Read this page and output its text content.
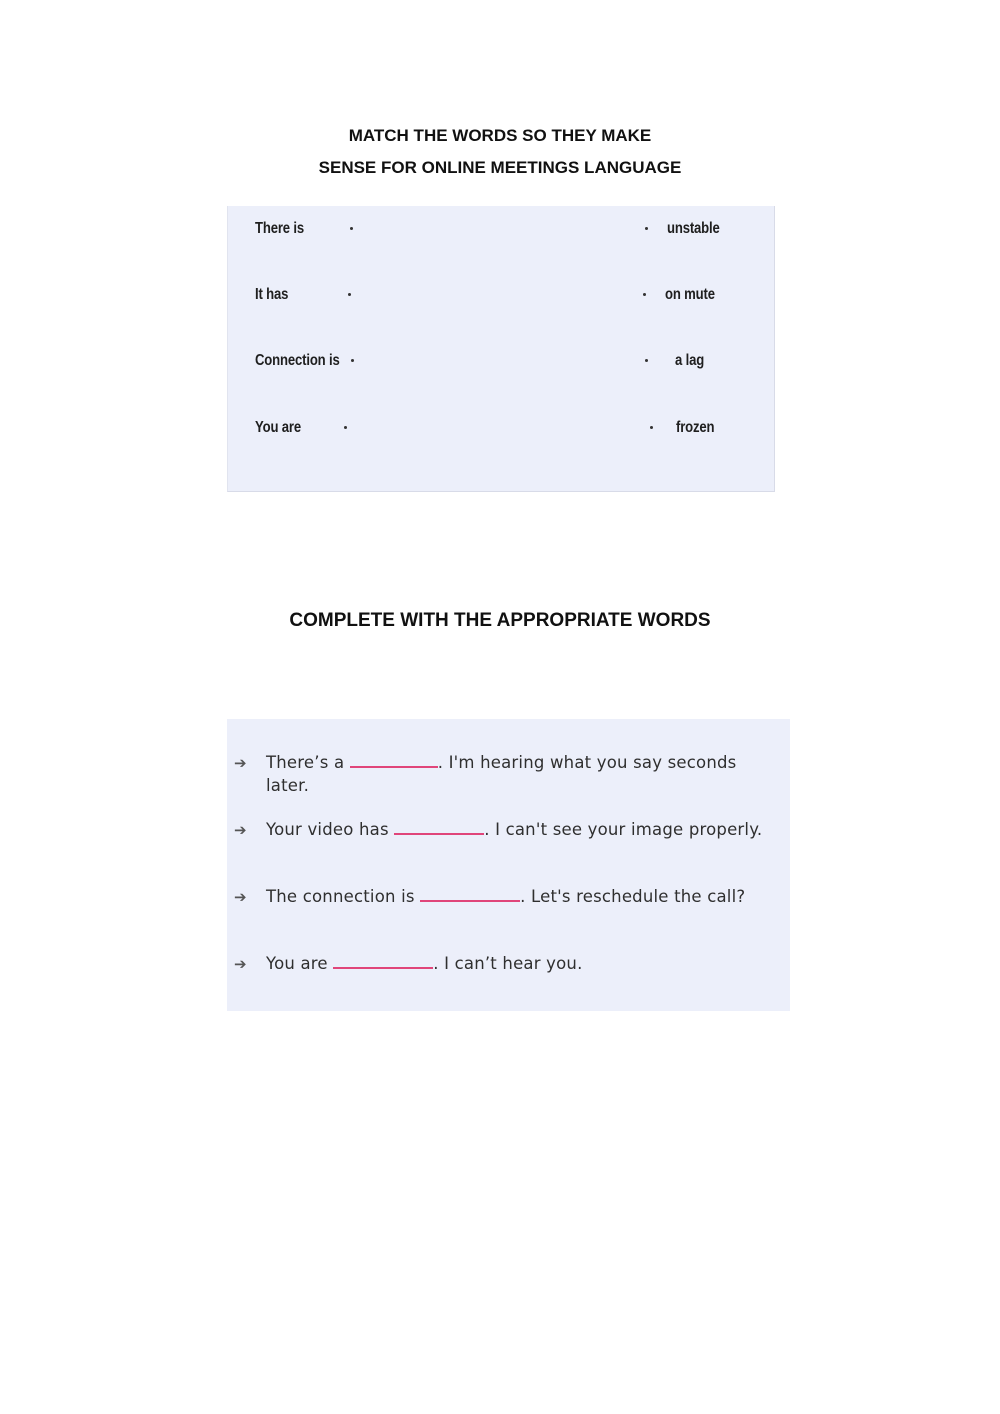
MATCH THE WORDS SO THEY MAKE
SENSE FOR ONLINE MEETINGS LANGUAGE
There is	unstable
It has	on mute
Connection is	a lag
You are	frozen
COMPLETE WITH THE APPROPRIATE WORDS
➔ There’s a	. I'm hearing what you say seconds later.
➔ Your video has	. I can't see your image properly.
➔ The connection is	. Let's reschedule the call?
➔ You are	. I can’t hear you.
